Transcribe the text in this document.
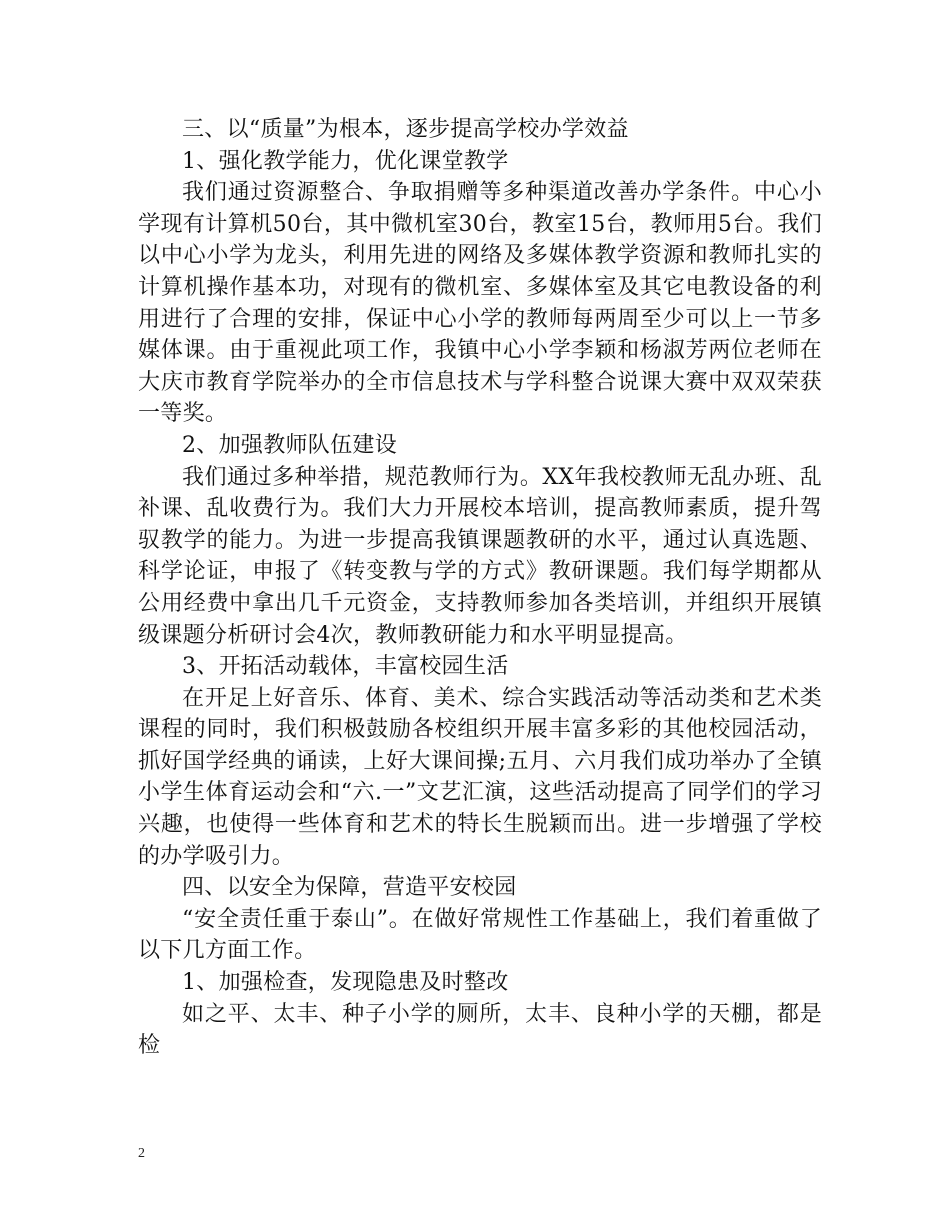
三、以“质量”为根本，逐步提高学校办学效益

1、强化教学能力，优化课堂教学

我们通过资源整合、争取捐赠等多种渠道改善办学条件。中心小学现有计算机50台，其中微机室30台，教室15台，教师用5台。我们以中心小学为龙头，利用先进的网络及多媒体教学资源和教师扎实的计算机操作基本功，对现有的微机室、多媒体室及其它电教设备的利用进行了合理的安排，保证中心小学的教师每两周至少可以上一节多媒体课。由于重视此项工作，我镇中心小学李颖和杨淑芳两位老师在大庆市教育学院举办的全市信息技术与学科整合说课大赛中双双荣获一等奖。

2、加强教师队伍建设

我们通过多种举措，规范教师行为。XX年我校教师无乱办班、乱补课、乱收费行为。我们大力开展校本培训，提高教师素质，提升驾驭教学的能力。为进一步提高我镇课题教研的水平，通过认真选题、科学论证，申报了《转变教与学的方式》教研课题。我们每学期都从公用经费中拿出几千元资金，支持教师参加各类培训，并组织开展镇级课题分析研讨会4次，教师教研能力和水平明显提高。

3、开拓活动载体，丰富校园生活

在开足上好音乐、体育、美术、综合实践活动等活动类和艺术类课程的同时，我们积极鼓励各校组织开展丰富多彩的其他校园活动，抓好国学经典的诵读，上好大课间操;五月、六月我们成功举办了全镇小学生体育运动会和“六.一”文艺汇演，这些活动提高了同学们的学习兴趣，也使得一些体育和艺术的特长生脱颖而出。进一步增强了学校的办学吸引力。

四、以安全为保障，营造平安校园

“安全责任重于泰山”。在做好常规性工作基础上，我们着重做了以下几方面工作。

1、加强检查，发现隐患及时整改

如之平、太丰、种子小学的厕所，太丰、良种小学的天棚，都是检

2
